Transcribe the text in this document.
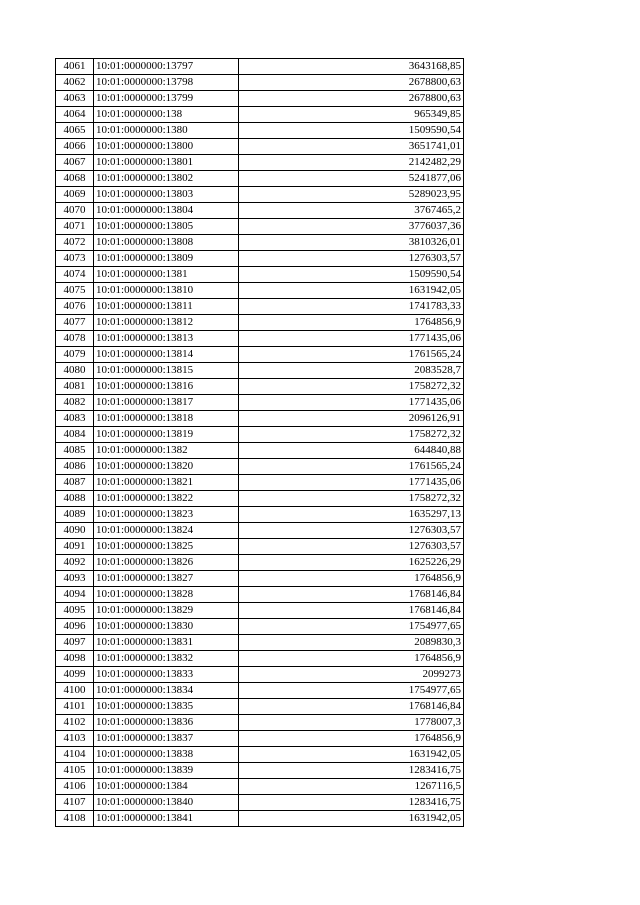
4061	10:01:0000000:13797	3643168,85
4062	10:01:0000000:13798	2678800,63
4063	10:01:0000000:13799	2678800,63
4064	10:01:0000000:138	965349,85
4065	10:01:0000000:1380	1509590,54
4066	10:01:0000000:13800	3651741,01
4067	10:01:0000000:13801	2142482,29
4068	10:01:0000000:13802	5241877,06
4069	10:01:0000000:13803	5289023,95
4070	10:01:0000000:13804	3767465,2
4071	10:01:0000000:13805	3776037,36
4072	10:01:0000000:13808	3810326,01
4073	10:01:0000000:13809	1276303,57
4074	10:01:0000000:1381	1509590,54
4075	10:01:0000000:13810	1631942,05
4076	10:01:0000000:13811	1741783,33
4077	10:01:0000000:13812	1764856,9
4078	10:01:0000000:13813	1771435,06
4079	10:01:0000000:13814	1761565,24
4080	10:01:0000000:13815	2083528,7
4081	10:01:0000000:13816	1758272,32
4082	10:01:0000000:13817	1771435,06
4083	10:01:0000000:13818	2096126,91
4084	10:01:0000000:13819	1758272,32
4085	10:01:0000000:1382	644840,88
4086	10:01:0000000:13820	1761565,24
4087	10:01:0000000:13821	1771435,06
4088	10:01:0000000:13822	1758272,32
4089	10:01:0000000:13823	1635297,13
4090	10:01:0000000:13824	1276303,57
4091	10:01:0000000:13825	1276303,57
4092	10:01:0000000:13826	1625226,29
4093	10:01:0000000:13827	1764856,9
4094	10:01:0000000:13828	1768146,84
4095	10:01:0000000:13829	1768146,84
4096	10:01:0000000:13830	1754977,65
4097	10:01:0000000:13831	2089830,3
4098	10:01:0000000:13832	1764856,9
4099	10:01:0000000:13833	2099273
4100	10:01:0000000:13834	1754977,65
4101	10:01:0000000:13835	1768146,84
4102	10:01:0000000:13836	1778007,3
4103	10:01:0000000:13837	1764856,9
4104	10:01:0000000:13838	1631942,05
4105	10:01:0000000:13839	1283416,75
4106	10:01:0000000:1384	1267116,5
4107	10:01:0000000:13840	1283416,75
4108	10:01:0000000:13841	1631942,05
